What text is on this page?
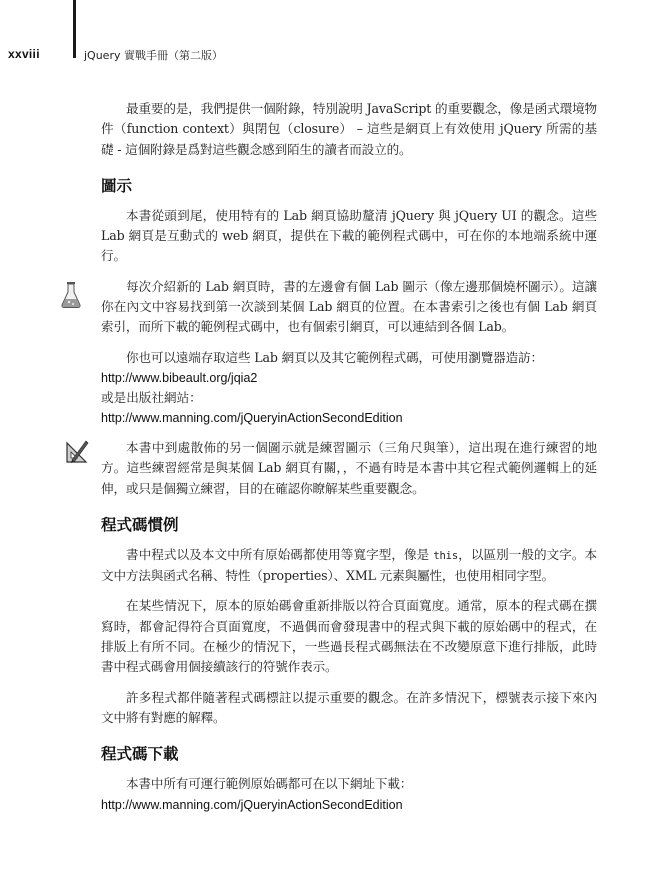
xxviii	jQuery 實戰手冊（第二版）

最重要的是，我們提供一個附錄，特別說明 JavaScript 的重要觀念，像是函式環境物件（function context）與閉包（closure） – 這些是網頁上有效使用 jQuery 所需的基礎 - 這個附錄是爲對這些觀念感到陌生的讀者而設立的。

圖示

本書從頭到尾，使用特有的 Lab 網頁協助釐清 jQuery 與 jQuery UI 的觀念。這些 Lab 網頁是互動式的 web 網頁，提供在下載的範例程式碼中，可在你的本地端系統中運行。

每次介紹新的 Lab 網頁時，書的左邊會有個 Lab 圖示（像左邊那個燒杯圖示）。這讓你在內文中容易找到第一次談到某個 Lab 網頁的位置。在本書索引之後也有個 Lab 網頁索引，而所下載的範例程式碼中，也有個索引網頁，可以連結到各個 Lab。

你也可以遠端存取這些 Lab 網頁以及其它範例程式碼，可使用瀏覽器造訪：

http://www.bibeault.org/jqia2
或是出版社網站：
http://www.manning.com/jQueryinActionSecondEdition

本書中到處散佈的另一個圖示就是練習圖示（三角尺與筆），這出現在進行練習的地方。這些練習經常是與某個 Lab 網頁有關，，不過有時是本書中其它程式範例邏輯上的延伸，或只是個獨立練習，目的在確認你瞭解某些重要觀念。

程式碼慣例

書中程式以及本文中所有原始碼都使用等寬字型，像是 this，以區別一般的文字。本文中方法與函式名稱、特性（properties）、XML 元素與屬性，也使用相同字型。

在某些情況下，原本的原始碼會重新排版以符合頁面寬度。通常，原本的程式碼在撰寫時，都會記得符合頁面寬度，不過偶而會發現書中的程式與下載的原始碼中的程式，在排版上有所不同。在極少的情況下，一些過長程式碼無法在不改變原意下進行排版，此時書中程式碼會用個接續該行的符號作表示。

許多程式都伴隨著程式碼標註以提示重要的觀念。在許多情況下，標號表示接下來內文中將有對應的解釋。

程式碼下載

本書中所有可運行範例原始碼都可在以下網址下載：

http://www.manning.com/jQueryinActionSecondEdition
